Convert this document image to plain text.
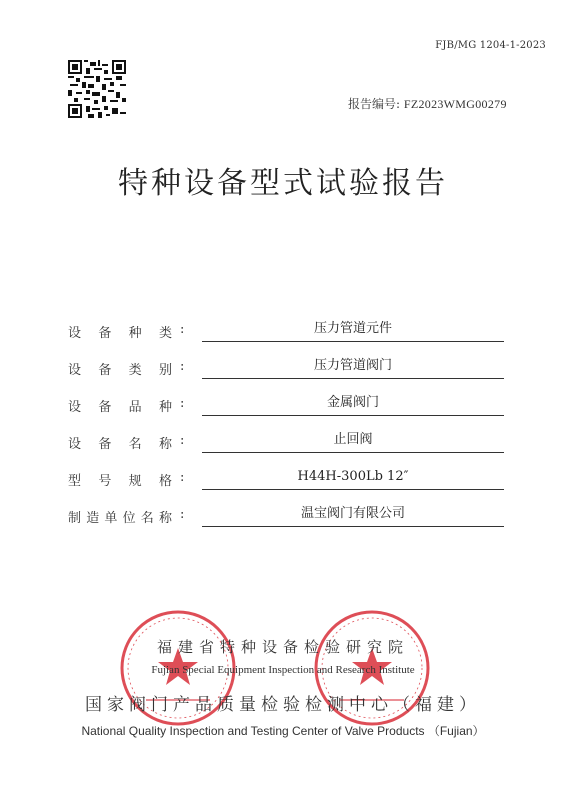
FJB/MG 1204-1-2023
报告编号: FZ2023WMG00279
特种设备型式试验报告
设 备 种 类 :	压力管道元件
设 备 类 别 :	压力管道阀门
设 备 品 种 :	金属阀门
设 备 名 称 :	止回阀
型 号 规 格 :	H44H-300Lb 12″
制 造 单 位 名 称 :	温宝阀门有限公司
福建省特种设备检验研究院
Fujian Special Equipment Inspection and Research Institute
国家阀门产品质量检验检测中心（福建）
National Quality Inspection and Testing Center of Valve Products （Fujian）
